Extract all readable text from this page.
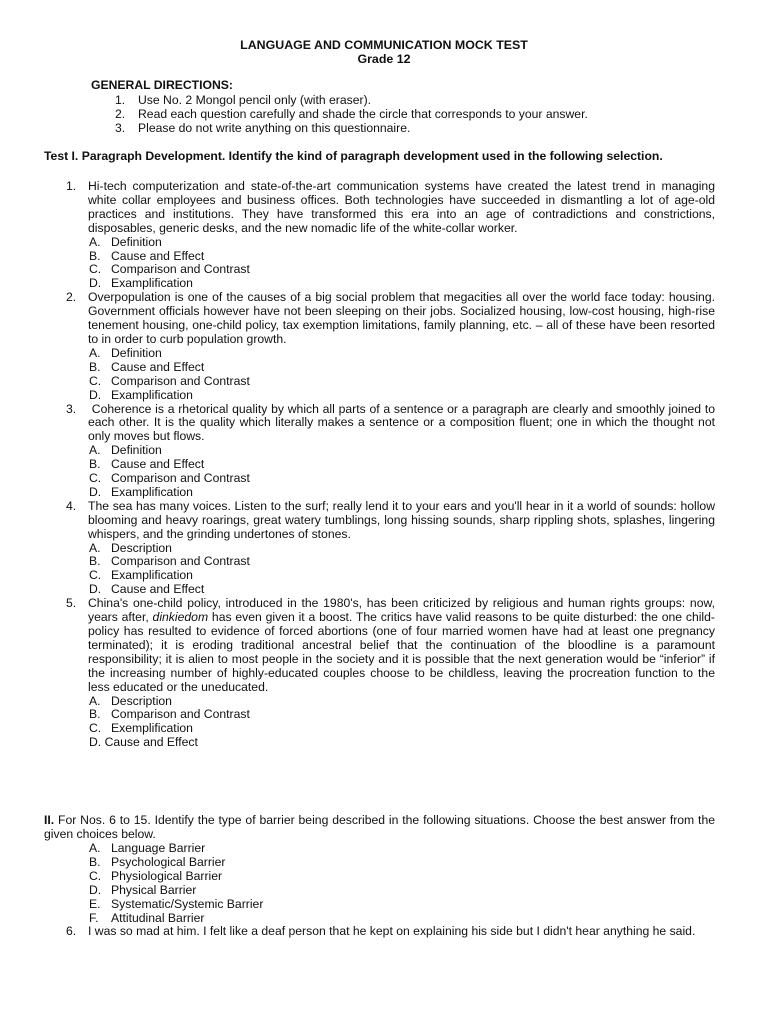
LANGUAGE AND COMMUNICATION MOCK TEST
Grade 12
GENERAL DIRECTIONS:
1. Use No. 2 Mongol pencil only (with eraser).
2. Read each question carefully and shade the circle that corresponds to your answer.
3. Please do not write anything on this questionnaire.
Test I. Paragraph Development. Identify the kind of paragraph development used in the following selection.
1. Hi-tech computerization and state-of-the-art communication systems have created the latest trend in managing white collar employees and business offices. Both technologies have succeeded in dismantling a lot of age-old practices and institutions. They have transformed this era into an age of contradictions and constrictions, disposables, generic desks, and the new nomadic life of the white-collar worker.
A. Definition
B. Cause and Effect
C. Comparison and Contrast
D. Examplification
2. Overpopulation is one of the causes of a big social problem that megacities all over the world face today: housing. Government officials however have not been sleeping on their jobs. Socialized housing, low-cost housing, high-rise tenement housing, one-child policy, tax exemption limitations, family planning, etc. – all of these have been resorted to in order to curb population growth.
A. Definition
B. Cause and Effect
C. Comparison and Contrast
D. Examplification
3.	Coherence is a rhetorical quality by which all parts of a sentence or a paragraph are clearly and smoothly joined to each other. It is the quality which literally makes a sentence or a composition fluent; one in which the thought not only moves but flows.
A. Definition
B. Cause and Effect
C. Comparison and Contrast
D. Examplification
4. The sea has many voices. Listen to the surf; really lend it to your ears and you'll hear in it a world of sounds: hollow blooming and heavy roarings, great watery tumblings, long hissing sounds, sharp rippling shots, splashes, lingering whispers, and the grinding undertones of stones.
A. Description
B. Comparison and Contrast
C. Examplification
D. Cause and Effect
5. China's one-child policy, introduced in the 1980's, has been criticized by religious and human rights groups: now, years after, dinkiedom has even given it a boost. The critics have valid reasons to be quite disturbed: the one child-policy has resulted to evidence of forced abortions (one of four married women have had at least one pregnancy terminated); it is eroding traditional ancestral belief that the continuation of the bloodline is a paramount responsibility; it is alien to most people in the society and it is possible that the next generation would be “inferior” if the increasing number of highly-educated couples choose to be childless, leaving the procreation function to the less educated or the uneducated.
A. Description
B. Comparison and Contrast
C. Exemplification
D. Cause and Effect
II. For Nos. 6 to 15. Identify the type of barrier being described in the following situations. Choose the best answer from the given choices below.
A. Language Barrier
B. Psychological Barrier
C. Physiological Barrier
D. Physical Barrier
E. Systematic/Systemic Barrier
F. Attitudinal Barrier
6. I was so mad at him. I felt like a deaf person that he kept on explaining his side but I didn't hear anything he said.
